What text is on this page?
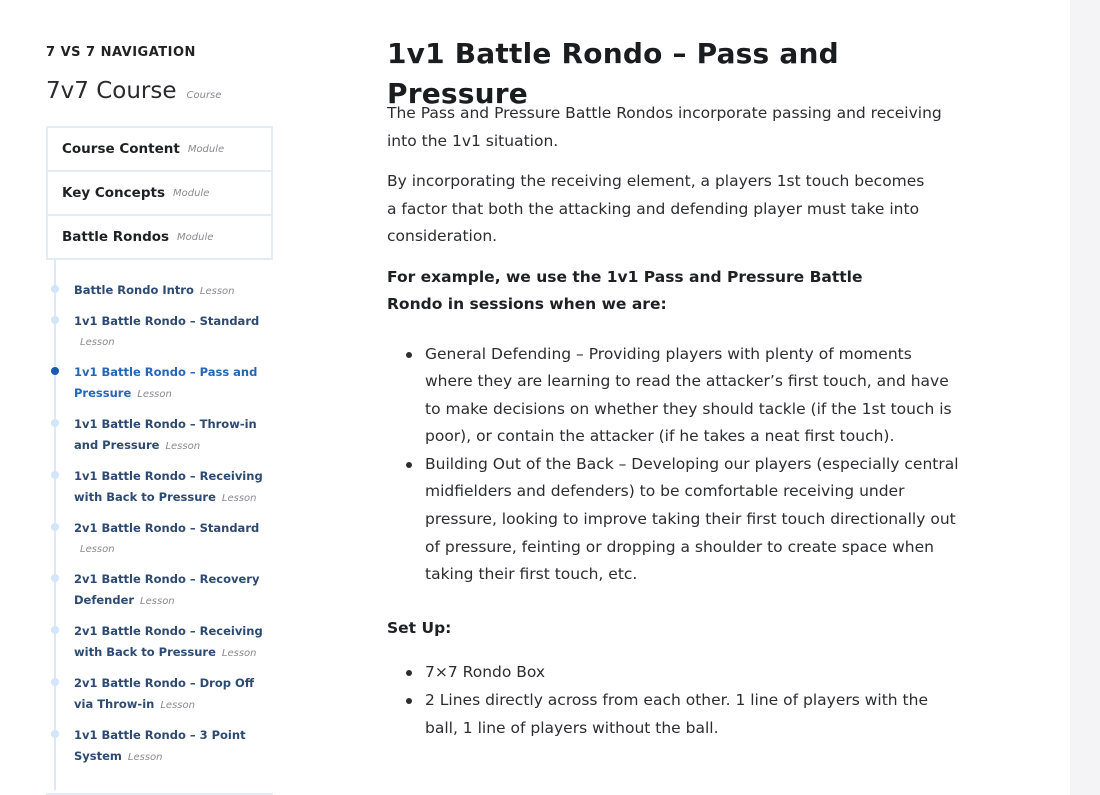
7 VS 7 NAVIGATION
7v7 Course Course
Course Content Module
Key Concepts Module
Battle Rondos Module
Battle Rondo Intro Lesson
1v1 Battle Rondo – Standard
Lesson
1v1 Battle Rondo – Pass and Pressure Lesson
1v1 Battle Rondo – Throw-in and Pressure Lesson
1v1 Battle Rondo – Receiving with Back to Pressure Lesson
2v1 Battle Rondo – Standard
Lesson
2v1 Battle Rondo – Recovery Defender Lesson
2v1 Battle Rondo – Receiving with Back to Pressure Lesson
2v1 Battle Rondo – Drop Off via Throw-in Lesson
1v1 Battle Rondo – 3 Point System Lesson
1v1 Battle Rondo – Pass and Pressure

The Pass and Pressure Battle Rondos incorporate passing and receiving into the 1v1 situation.

By incorporating the receiving element, a players 1st touch becomes a factor that both the attacking and defending player must take into consideration.

For example, we use the 1v1 Pass and Pressure Battle Rondo in sessions when we are:

General Defending – Providing players with plenty of moments where they are learning to read the attacker’s first touch, and have to make decisions on whether they should tackle (if the 1st touch is poor), or contain the attacker (if he takes a neat first touch).
Building Out of the Back – Developing our players (especially central midfielders and defenders) to be comfortable receiving under pressure, looking to improve taking their first touch directionally out of pressure, feinting or dropping a shoulder to create space when taking their first touch, etc.
Set Up:
7×7 Rondo Box
2 Lines directly across from each other. 1 line of players with the ball, 1 line of players without the ball.
